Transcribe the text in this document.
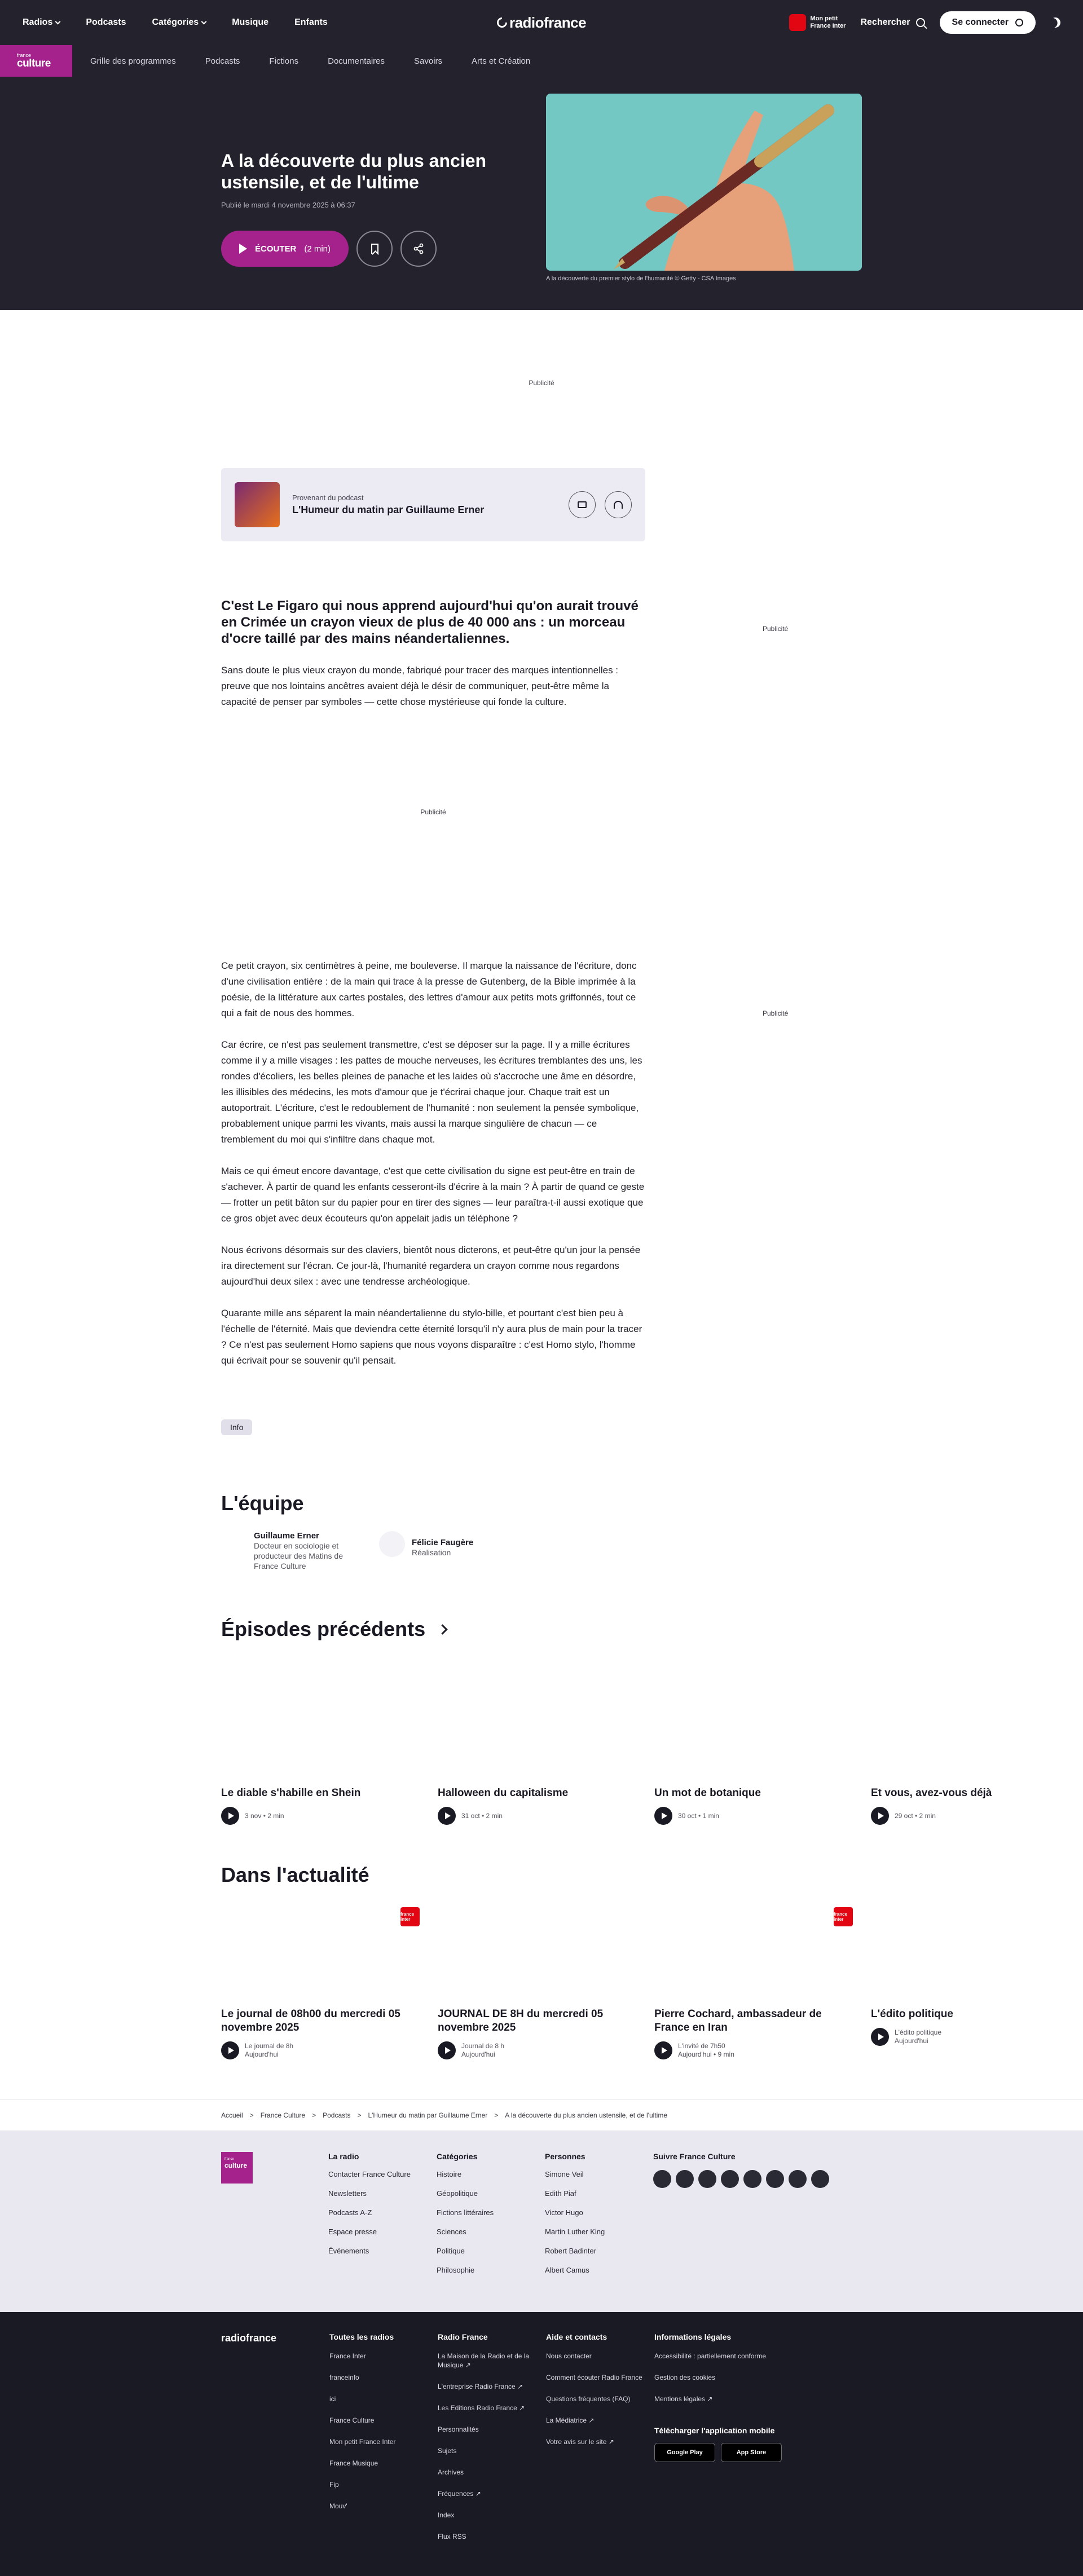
Radios	Podcasts	Catégories	Musique	Enfants	radiofrance	Mon petit
France Inter Rechercher	Se connecter
france
culture	Grille des programmes	Podcasts	Fictions	Documentaires	Savoirs	Arts et Création
A la découverte du plus ancien ustensile, et de l'ultime
Publié le mardi 4 novembre 2025 à 06:37
ÉCOUTER (2 min)
A la découverte du premier stylo de l'humanité © Getty - CSA Images
Publicité
Publicité
Publicité
Provenant du podcast
L'Humeur du matin par Guillaume Erner

C'est Le Figaro qui nous apprend aujourd'hui qu'on aurait trouvé en Crimée un crayon vieux de plus de 40 000 ans : un morceau d'ocre taillé par des mains néandertaliennes.

Sans doute le plus vieux crayon du monde, fabriqué pour tracer des marques intentionnelles : preuve que nos lointains ancêtres avaient déjà le désir de communiquer, peut-être même la capacité de penser par symboles — cette chose mystérieuse qui fonde la culture.

Publicité

Ce petit crayon, six centimètres à peine, me bouleverse. Il marque la naissance de l'écriture, donc d'une civilisation entière : de la main qui trace à la presse de Gutenberg, de la Bible imprimée à la poésie, de la littérature aux cartes postales, des lettres d'amour aux petits mots griffonnés, tout ce qui a fait de nous des hommes.

Car écrire, ce n'est pas seulement transmettre, c'est se déposer sur la page. Il y a mille écritures comme il y a mille visages : les pattes de mouche nerveuses, les écritures tremblantes des uns, les rondes d'écoliers, les belles pleines de panache et les laides où s'accroche une âme en désordre, les illisibles des médecins, les mots d'amour que je t'écrirai chaque jour. Chaque trait est un autoportrait. L'écriture, c'est le redoublement de l'humanité : non seulement la pensée symbolique, probablement unique parmi les vivants, mais aussi la marque singulière de chacun — ce tremblement du moi qui s'infiltre dans chaque mot.

Mais ce qui émeut encore davantage, c'est que cette civilisation du signe est peut-être en train de s'achever. À partir de quand les enfants cesseront-ils d'écrire à la main ? À partir de quand ce geste — frotter un petit bâton sur du papier pour en tirer des signes — leur paraîtra-t-il aussi exotique que ce gros objet avec deux écouteurs qu'on appelait jadis un téléphone ?

Nous écrivons désormais sur des claviers, bientôt nous dicterons, et peut-être qu'un jour la pensée ira directement sur l'écran. Ce jour-là, l'humanité regardera un crayon comme nous regardons aujourd'hui deux silex : avec une tendresse archéologique.

Quarante mille ans séparent la main néandertalienne du stylo-bille, et pourtant c'est bien peu à l'échelle de l'éternité. Mais que deviendra cette éternité lorsqu'il n'y aura plus de main pour la tracer ? Ce n'est pas seulement Homo sapiens que nous voyons disparaître : c'est Homo stylo, l'homme qui écrivait pour se souvenir qu'il pensait.

Info
L'équipe
Guillaume Erner
Docteur en sociologie et producteur des Matins de France Culture
Félicie Faugère
Réalisation
Épisodes précédents
Le diable s'habille en Shein
3 nov • 2 min
Halloween du capitalisme
31 oct • 2 min
Un mot de botanique
30 oct • 1 min
Et vous, avez-vous déjà
29 oct • 2 min
Dans l'actualité
france inter
Le journal de 08h00 du mercredi 05 novembre 2025
Le journal de 8h
Aujourd'hui
JOURNAL DE 8H du mercredi 05 novembre 2025
Journal de 8 h
Aujourd'hui
france inter
Pierre Cochard, ambassadeur de France en Iran
L'invité de 7h50
Aujourd'hui • 9 min
L'édito politique
L'édito politique
Aujourd'hui
Accueil > France Culture > Podcasts > L'Humeur du matin par Guillaume Erner > A la découverte du plus ancien ustensile, et de l'ultime
france
culture
La radio
Contacter France Culture
Newsletters
Podcasts A-Z
Espace presse
Événements
Catégories
Histoire
Géopolitique
Fictions littéraires
Sciences
Politique
Philosophie
Personnes
Simone Veil
Edith Piaf
Victor Hugo
Martin Luther King
Robert Badinter
Albert Camus
Suivre France Culture
radiofrance	Toutes les radios
France Inter
franceinfo
ici
France Culture
Mon petit France Inter
France Musique
Fip
Mouv'
Radio France
La Maison de la Radio et de la Musique ↗
L'entreprise Radio France ↗
Les Editions Radio France ↗
Personnalités
Sujets
Archives
Fréquences ↗
Index
Flux RSS
Aide et contacts
Nous contacter
Comment écouter Radio France
Questions fréquentes (FAQ)
La Médiatrice ↗
Votre avis sur le site ↗
Informations légales
Accessibilité : partiellement conforme
Gestion des cookies
Mentions légales ↗
Télécharger l'application mobile
Google Play	App Store
